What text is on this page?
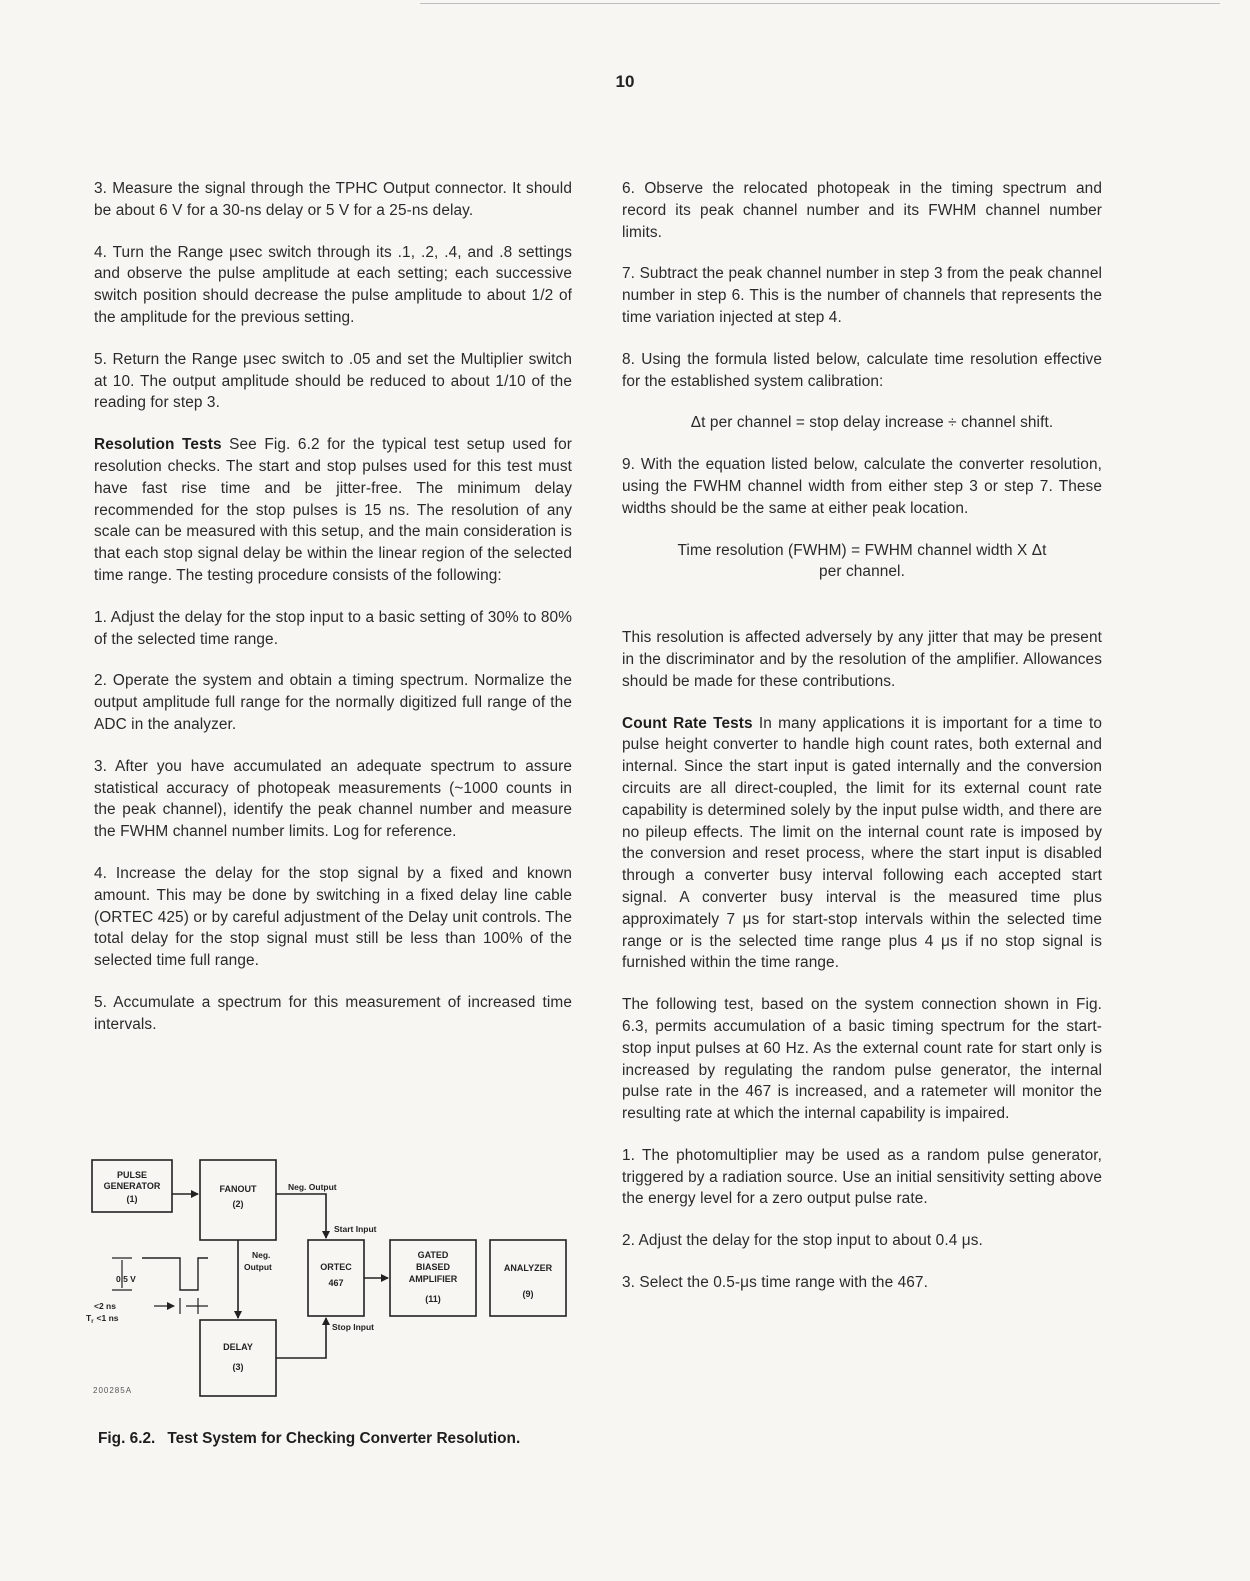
10

3. Measure the signal through the TPHC Output connector. It should be about 6 V for a 30-ns delay or 5 V for a 25-ns delay.

4. Turn the Range μsec switch through its .1, .2, .4, and .8 settings and observe the pulse amplitude at each setting; each successive switch position should decrease the pulse amplitude to about 1/2 of the amplitude for the previous setting.

5. Return the Range μsec switch to .05 and set the Multiplier switch at 10. The output amplitude should be reduced to about 1/10 of the reading for step 3.

Resolution Tests See Fig. 6.2 for the typical test setup used for resolution checks. The start and stop pulses used for this test must have fast rise time and be jitter-free. The minimum delay recommended for the stop pulses is 15 ns. The resolution of any scale can be measured with this setup, and the main consideration is that each stop signal delay be within the linear region of the selected time range. The testing procedure consists of the following:

1. Adjust the delay for the stop input to a basic setting of 30% to 80% of the selected time range.

2. Operate the system and obtain a timing spectrum. Normalize the output amplitude full range for the normally digitized full range of the ADC in the analyzer.

3. After you have accumulated an adequate spectrum to assure statistical accuracy of photopeak measurements (~1000 counts in the peak channel), identify the peak channel number and measure the FWHM channel number limits. Log for reference.

4. Increase the delay for the stop signal by a fixed and known amount. This may be done by switching in a fixed delay line cable (ORTEC 425) or by careful adjustment of the Delay unit controls. The total delay for the stop signal must still be less than 100% of the selected time full range.

5. Accumulate a spectrum for this measurement of increased time intervals.

6. Observe the relocated photopeak in the timing spectrum and record its peak channel number and its FWHM channel number limits.

7. Subtract the peak channel number in step 3 from the peak channel number in step 6. This is the number of channels that represents the time variation injected at step 4.

8. Using the formula listed below, calculate time resolution effective for the established system calibration:

Δt per channel = stop delay increase ÷ channel shift.

9. With the equation listed below, calculate the converter resolution, using the FWHM channel width from either step 3 or step 7. These widths should be the same at either peak location.

Time resolution (FWHM) = FWHM channel width X Δt
per channel.

This resolution is affected adversely by any jitter that may be present in the discriminator and by the resolution of the amplifier. Allowances should be made for these contributions.

Count Rate Tests In many applications it is important for a time to pulse height converter to handle high count rates, both external and internal. Since the start input is gated internally and the conversion circuits are all direct-coupled, the limit for its external count rate capability is determined solely by the input pulse width, and there are no pileup effects. The limit on the internal count rate is imposed by the conversion and reset process, where the start input is disabled through a converter busy interval following each accepted start signal. A converter busy interval is the measured time plus approximately 7 μs for start-stop intervals within the selected time range or is the selected time range plus 4 μs if no stop signal is furnished within the time range.

The following test, based on the system connection shown in Fig. 6.3, permits accumulation of a basic timing spectrum for the start-stop input pulses at 60 Hz. As the external count rate for start only is increased by regulating the random pulse generator, the internal pulse rate in the 467 is increased, and a ratemeter will monitor the resulting rate at which the internal capability is impaired.

1. The photomultiplier may be used as a random pulse generator, triggered by a radiation source. Use an initial sensitivity setting above the energy level for a zero output pulse rate.

2. Adjust the delay for the stop input to about 0.4 μs.

3. Select the 0.5-μs time range with the 467.

PULSE
GENERATOR
(1)
FANOUT
(2)
ORTEC
467
GATED
BIASED
AMPLIFIER
(11)
ANALYZER
(9)
DELAY
(3)
Neg. Output
Start Input
Neg.
Output
Stop Input
0.5 V
<2 ns
$T_r <1$ ns
200285A
Fig. 6.2. Test System for Checking Converter Resolution.
